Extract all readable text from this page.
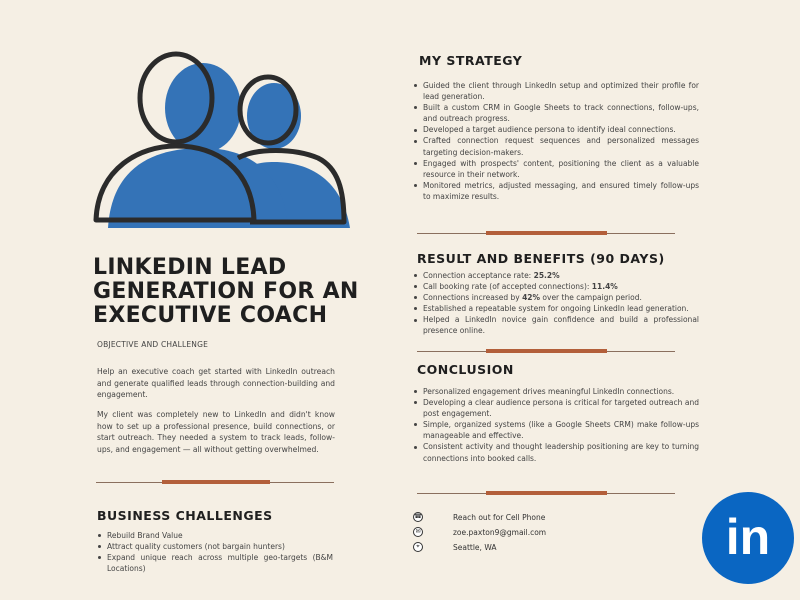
LINKEDIN LEAD
GENERATION FOR AN
EXECUTIVE COACH
OBJECTIVE AND CHALLENGE

Help an executive coach get started with LinkedIn outreach and generate qualified leads through connection-building and engagement.

My client was completely new to LinkedIn and didn't know how to set up a professional presence, build connections, or start outreach. They needed a system to track leads, follow-ups, and engagement — all without getting overwhelmed.

BUSINESS CHALLENGES
Rebuild Brand Value
Attract quality customers (not bargain hunters)
Expand unique reach across multiple geo-targets (B&M Locations)
MY STRATEGY
Guided the client through LinkedIn setup and optimized their profile for lead generation.
Built a custom CRM in Google Sheets to track connections, follow-ups, and outreach progress.
Developed a target audience persona to identify ideal connections.
Crafted connection request sequences and personalized messages targeting decision-makers.
Engaged with prospects' content, positioning the client as a valuable resource in their network.
Monitored metrics, adjusted messaging, and ensured timely follow-ups to maximize results.
RESULT AND BENEFITS (90 DAYS)
Connection acceptance rate: 25.2%
Call booking rate (of accepted connections): 11.4%
Connections increased by 42% over the campaign period.
Established a repeatable system for ongoing LinkedIn lead generation.
Helped a LinkedIn novice gain confidence and build a professional presence online.
CONCLUSION
Personalized engagement drives meaningful LinkedIn connections.
Developing a clear audience persona is critical for targeted outreach and post engagement.
Simple, organized systems (like a Google Sheets CRM) make follow-ups manageable and effective.
Consistent activity and thought leadership positioning are key to turning connections into booked calls.
☎	Reach out for Cell Phone
✉	zoe.paxton9@gmail.com
⌖	Seattle, WA	in
